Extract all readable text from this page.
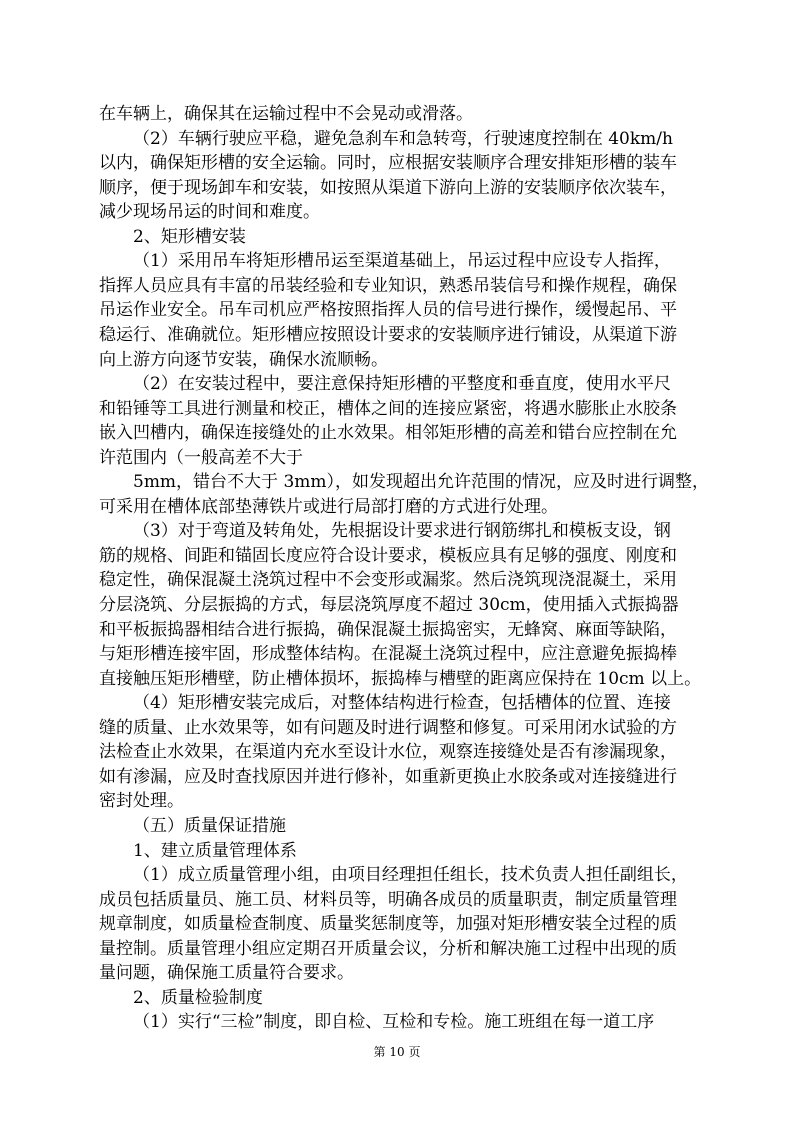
在车辆上，确保其在运输过程中不会晃动或滑落。
（2）车辆行驶应平稳，避免急刹车和急转弯，行驶速度控制在 40km/h
以内，确保矩形槽的安全运输。同时，应根据安装顺序合理安排矩形槽的装车
顺序，便于现场卸车和安装，如按照从渠道下游向上游的安装顺序依次装车，
减少现场吊运的时间和难度。
2、矩形槽安装
（1）采用吊车将矩形槽吊运至渠道基础上，吊运过程中应设专人指挥，
指挥人员应具有丰富的吊装经验和专业知识，熟悉吊装信号和操作规程，确保
吊运作业安全。吊车司机应严格按照指挥人员的信号进行操作，缓慢起吊、平
稳运行、准确就位。矩形槽应按照设计要求的安装顺序进行铺设，从渠道下游
向上游方向逐节安装，确保水流顺畅。
（2）在安装过程中，要注意保持矩形槽的平整度和垂直度，使用水平尺
和铅锤等工具进行测量和校正，槽体之间的连接应紧密，将遇水膨胀止水胶条
嵌入凹槽内，确保连接缝处的止水效果。相邻矩形槽的高差和错台应控制在允
许范围内（一般高差不大于
5mm，错台不大于 3mm），如发现超出允许范围的情况，应及时进行调整，
可采用在槽体底部垫薄铁片或进行局部打磨的方式进行处理。
（3）对于弯道及转角处，先根据设计要求进行钢筋绑扎和模板支设，钢
筋的规格、间距和锚固长度应符合设计要求，模板应具有足够的强度、刚度和
稳定性，确保混凝土浇筑过程中不会变形或漏浆。然后浇筑现浇混凝土，采用
分层浇筑、分层振捣的方式，每层浇筑厚度不超过 30cm，使用插入式振捣器
和平板振捣器相结合进行振捣，确保混凝土振捣密实，无蜂窝、麻面等缺陷，
与矩形槽连接牢固，形成整体结构。在混凝土浇筑过程中，应注意避免振捣棒
直接触压矩形槽壁，防止槽体损坏，振捣棒与槽壁的距离应保持在 10cm 以上。
（4）矩形槽安装完成后，对整体结构进行检查，包括槽体的位置、连接
缝的质量、止水效果等，如有问题及时进行调整和修复。可采用闭水试验的方
法检查止水效果，在渠道内充水至设计水位，观察连接缝处是否有渗漏现象，
如有渗漏，应及时查找原因并进行修补，如重新更换止水胶条或对连接缝进行
密封处理。
（五）质量保证措施
1、建立质量管理体系
（1）成立质量管理小组，由项目经理担任组长，技术负责人担任副组长，
成员包括质量员、施工员、材料员等，明确各成员的质量职责，制定质量管理
规章制度，如质量检查制度、质量奖惩制度等，加强对矩形槽安装全过程的质
量控制。质量管理小组应定期召开质量会议，分析和解决施工过程中出现的质
量问题，确保施工质量符合要求。
2、质量检验制度
（1）实行“三检”制度，即自检、互检和专检。施工班组在每一道工序
第 10 页
